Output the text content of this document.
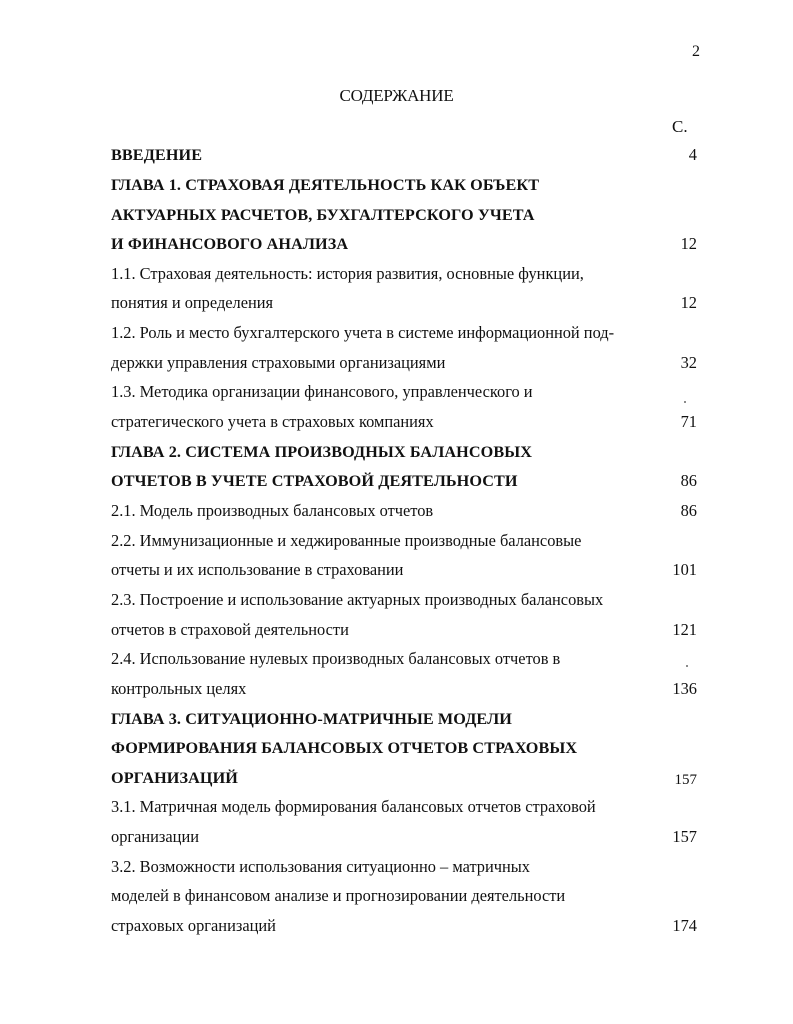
2
СОДЕРЖАНИЕ
С.
ВВЕДЕНИЕ	4
ГЛАВА 1. СТРАХОВАЯ ДЕЯТЕЛЬНОСТЬ КАК ОБЪЕКТ
АКТУАРНЫХ РАСЧЕТОВ, БУХГАЛТЕРСКОГО УЧЕТА
И ФИНАНСОВОГО АНАЛИЗА	12
1.1. Страховая деятельность: история развития, основные функции,
понятия и определения	12
1.2. Роль и место бухгалтерского учета в системе информационной под-
держки управления страховыми организациями	32
1.3. Методика организации финансового, управленческого и
стратегического учета в страховых компаниях	71
ГЛАВА 2. СИСТЕМА ПРОИЗВОДНЫХ БАЛАНСОВЫХ
ОТЧЕТОВ В УЧЕТЕ СТРАХОВОЙ ДЕЯТЕЛЬНОСТИ	86
2.1. Модель производных балансовых отчетов	86
2.2. Иммунизационные и хеджированные производные балансовые
отчеты и их использование в страховании	101
2.3. Построение и использование актуарных производных балансовых
отчетов в страховой деятельности	121
2.4. Использование нулевых производных балансовых отчетов в
контрольных целях	136
ГЛАВА 3. СИТУАЦИОННО-МАТРИЧНЫЕ МОДЕЛИ
ФОРМИРОВАНИЯ БАЛАНСОВЫХ ОТЧЕТОВ СТРАХОВЫХ
ОРГАНИЗАЦИЙ	157
3.1. Матричная модель формирования балансовых отчетов страховой
организации	157
3.2. Возможности использования ситуационно – матричных
моделей в финансовом анализе и прогнозировании деятельности
страховых организаций	174
